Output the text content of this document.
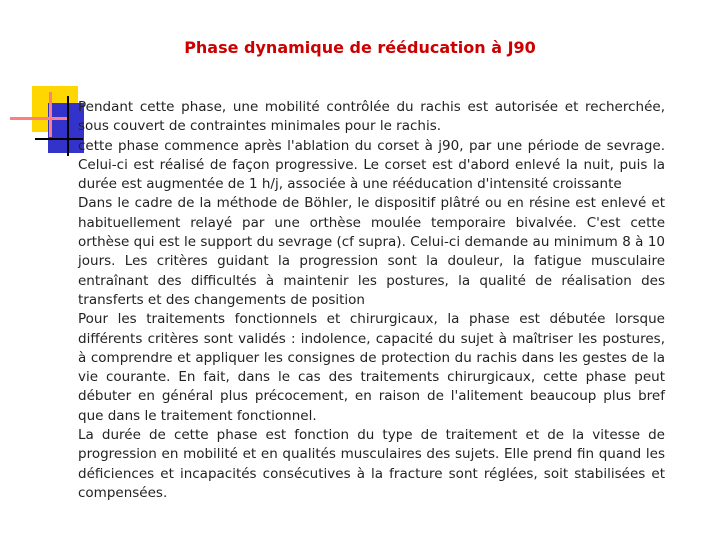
Phase dynamique de rééducation à J90

Pendant cette phase, une mobilité contrôlée du rachis est autorisée et recherchée, sous couvert de contraintes minimales pour le rachis.

cette phase commence après l'ablation du corset à j90, par une période de sevrage. Celui-ci est réalisé de façon progressive. Le corset est d'abord enlevé la nuit, puis la durée est augmentée de 1 h/j, associée à une rééducation d'intensité croissante

Dans le cadre de la méthode de Böhler, le dispositif plâtré ou en résine est enlevé et habituellement relayé par une orthèse moulée temporaire bivalvée. C'est cette orthèse qui est le support du sevrage (cf supra). Celui-ci demande au minimum 8 à 10 jours. Les critères guidant la progression sont la douleur, la fatigue musculaire entraînant des difficultés à maintenir les postures, la qualité de réalisation des transferts et des changements de position

Pour les traitements fonctionnels et chirurgicaux, la phase est débutée lorsque différents critères sont validés : indolence, capacité du sujet à maîtriser les postures, à comprendre et appliquer les consignes de protection du rachis dans les gestes de la vie courante. En fait, dans le cas des traitements chirurgicaux, cette phase peut débuter en général plus précocement, en raison de l'alitement beaucoup plus bref que dans le traitement fonctionnel.

La durée de cette phase est fonction du type de traitement et de la vitesse de progression en mobilité et en qualités musculaires des sujets. Elle prend fin quand les déficiences et incapacités consécutives à la fracture sont réglées, soit stabilisées et compensées.
